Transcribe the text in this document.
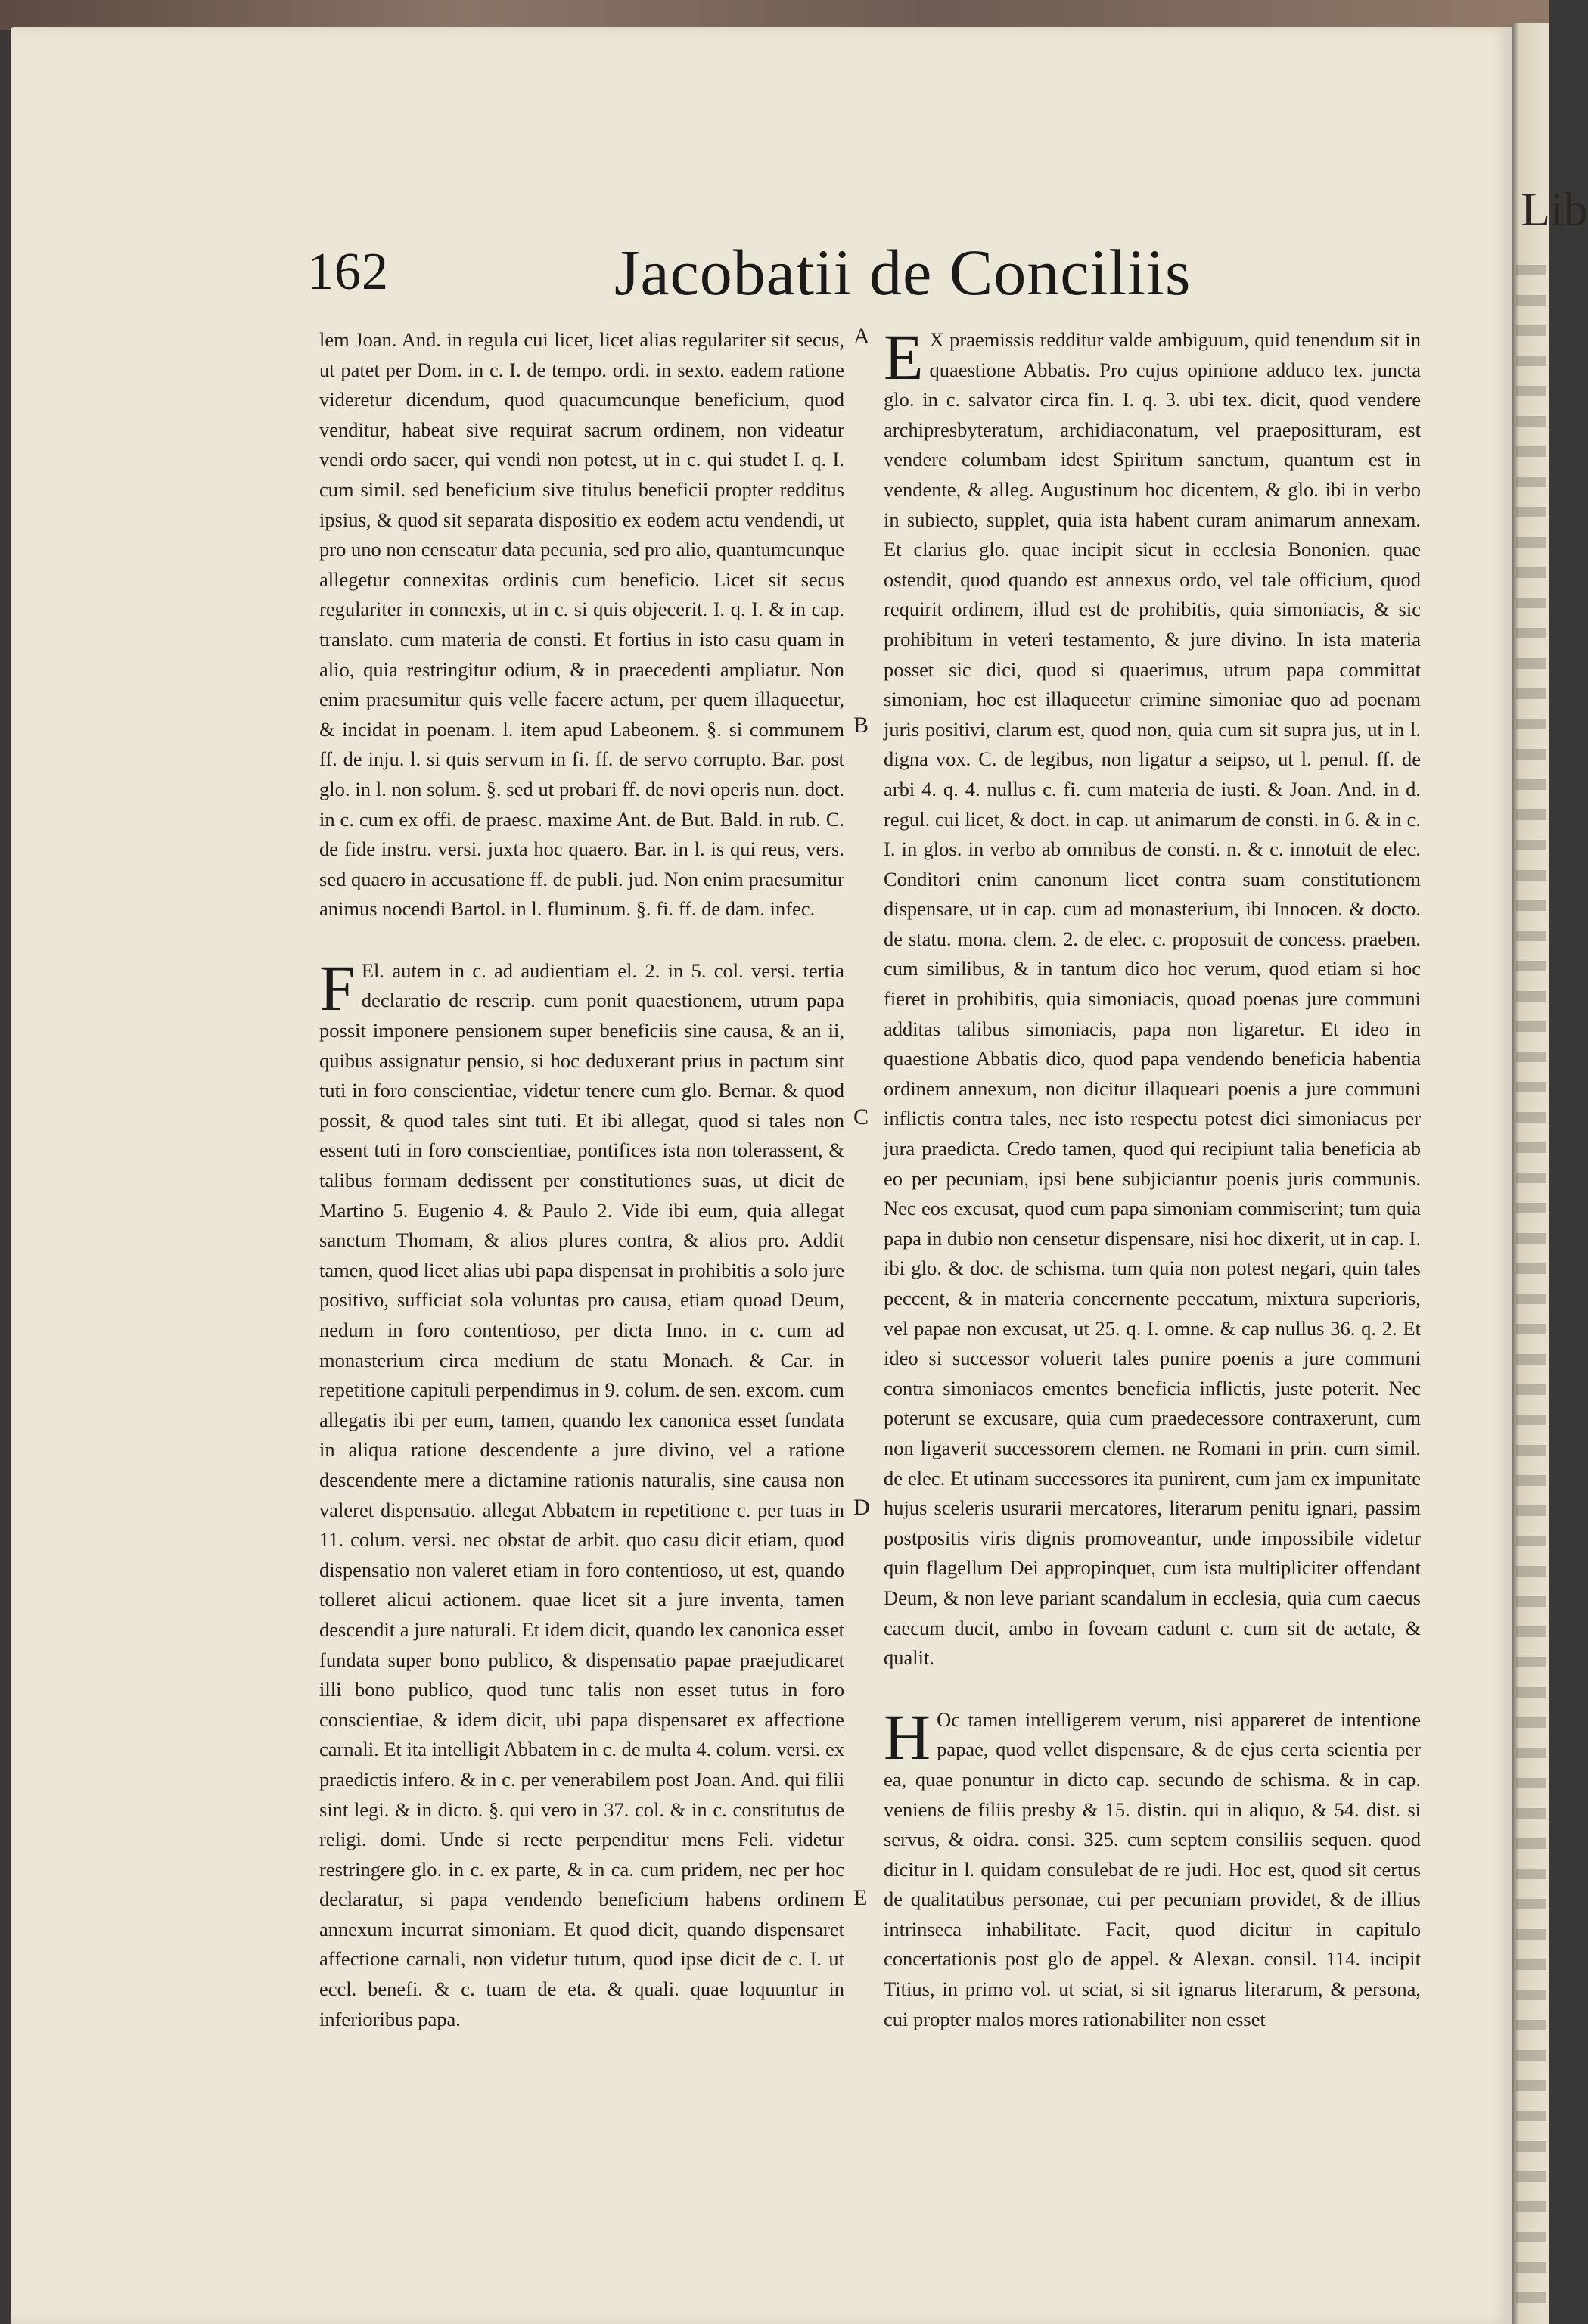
Lib
162	Jacobatii de Conciliis

lem Joan. And. in regula cui licet, licet alias regulariter sit secus, ut patet per Dom. in c. I. de tempo. ordi. in sexto. eadem ratione videretur dicendum, quod quacumcunque beneficium, quod venditur, habeat sive requirat sacrum ordinem, non videatur vendi ordo sacer, qui vendi non potest, ut in c. qui studet I. q. I. cum simil. sed beneficium sive titulus beneficii propter redditus ipsius, & quod sit separata dispositio ex eodem actu vendendi, ut pro uno non censeatur data pecunia, sed pro alio, quantumcunque allegetur connexitas ordinis cum beneficio. Licet sit secus regulariter in connexis, ut in c. si quis objecerit. I. q. I. & in cap. translato. cum materia de consti. Et fortius in isto casu quam in alio, quia restringitur odium, & in praecedenti ampliatur. Non enim praesumitur quis velle facere actum, per quem illaqueetur, & incidat in poenam. l. item apud Labeonem. §. si communem ff. de inju. l. si quis servum in fi. ff. de servo corrupto. Bar. post glo. in l. non solum. §. sed ut probari ff. de novi operis nun. doct. in c. cum ex offi. de praesc. maxime Ant. de But. Bald. in rub. C. de fide instru. versi. juxta hoc quaero. Bar. in l. is qui reus, vers. sed quaero in accusatione ff. de publi. jud. Non enim praesumitur animus nocendi Bartol. in l. fluminum. §. fi. ff. de dam. infec.

F El. autem in c. ad audientiam el. 2. in 5. col. versi. tertia declaratio de rescrip. cum ponit quaestionem, utrum papa possit imponere pensionem super beneficiis sine causa, & an ii, quibus assignatur pensio, si hoc deduxerant prius in pactum sint tuti in foro conscientiae, videtur tenere cum glo. Bernar. & quod possit, & quod tales sint tuti. Et ibi allegat, quod si tales non essent tuti in foro conscientiae, pontifices ista non tolerassent, & talibus formam dedissent per constitutiones suas, ut dicit de Martino 5. Eugenio 4. & Paulo 2. Vide ibi eum, quia allegat sanctum Thomam, & alios plures contra, & alios pro. Addit tamen, quod licet alias ubi papa dispensat in prohibitis a solo jure positivo, sufficiat sola voluntas pro causa, etiam quoad Deum, nedum in foro contentioso, per dicta Inno. in c. cum ad monasterium circa medium de statu Monach. & Car. in repetitione capituli perpendimus in 9. colum. de sen. excom. cum allegatis ibi per eum, tamen, quando lex canonica esset fundata in aliqua ratione descendente a jure divino, vel a ratione descendente mere a dictamine rationis naturalis, sine causa non valeret dispensatio. allegat Abbatem in repetitione c. per tuas in 11. colum. versi. nec obstat de arbit. quo casu dicit etiam, quod dispensatio non valeret etiam in foro contentioso, ut est, quando tolleret alicui actionem. quae licet sit a jure inventa, tamen descendit a jure naturali. Et idem dicit, quando lex canonica esset fundata super bono publico, & dispensatio papae praejudicaret illi bono publico, quod tunc talis non esset tutus in foro conscientiae, & idem dicit, ubi papa dispensaret ex affectione carnali. Et ita intelligit Abbatem in c. de multa 4. colum. versi. ex praedictis infero. & in c. per venerabilem post Joan. And. qui filii sint legi. & in dicto. §. qui vero in 37. col. & in c. constitutus de religi. domi. Unde si recte perpenditur mens Feli. videtur restringere glo. in c. ex parte, & in ca. cum pridem, nec per hoc declaratur, si papa vendendo beneficium habens ordinem annexum incurrat simoniam. Et quod dicit, quando dispensaret affectione carnali, non videtur tutum, quod ipse dicit de c. I. ut eccl. benefi. & c. tuam de eta. & quali. quae loquuntur in inferioribus papa.

E X praemissis redditur valde ambiguum, quid tenendum sit in quaestione Abbatis. Pro cujus opinione adduco tex. juncta glo. in c. salvator circa fin. I. q. 3. ubi tex. dicit, quod vendere archipresbyteratum, archidiaconatum, vel praepositturam, est vendere columbam idest Spiritum sanctum, quantum est in vendente, & alleg. Augustinum hoc dicentem, & glo. ibi in verbo in subiecto, supplet, quia ista habent curam animarum annexam. Et clarius glo. quae incipit sicut in ecclesia Bononien. quae ostendit, quod quando est annexus ordo, vel tale officium, quod requirit ordinem, illud est de prohibitis, quia simoniacis, & sic prohibitum in veteri testamento, & jure divino. In ista materia posset sic dici, quod si quaerimus, utrum papa committat simoniam, hoc est illaqueetur crimine simoniae quo ad poenam juris positivi, clarum est, quod non, quia cum sit supra jus, ut in l. digna vox. C. de legibus, non ligatur a seipso, ut l. penul. ff. de arbi 4. q. 4. nullus c. fi. cum materia de iusti. & Joan. And. in d. regul. cui licet, & doct. in cap. ut animarum de consti. in 6. & in c. I. in glos. in verbo ab omnibus de consti. n. & c. innotuit de elec. Conditori enim canonum licet contra suam constitutionem dispensare, ut in cap. cum ad monasterium, ibi Innocen. & docto. de statu. mona. clem. 2. de elec. c. proposuit de concess. praeben. cum similibus, & in tantum dico hoc verum, quod etiam si hoc fieret in prohibitis, quia simoniacis, quoad poenas jure communi additas talibus simoniacis, papa non ligaretur. Et ideo in quaestione Abbatis dico, quod papa vendendo beneficia habentia ordinem annexum, non dicitur illaqueari poenis a jure communi inflictis contra tales, nec isto respectu potest dici simoniacus per jura praedicta. Credo tamen, quod qui recipiunt talia beneficia ab eo per pecuniam, ipsi bene subjiciantur poenis juris communis. Nec eos excusat, quod cum papa simoniam commiserint; tum quia papa in dubio non censetur dispensare, nisi hoc dixerit, ut in cap. I. ibi glo. & doc. de schisma. tum quia non potest negari, quin tales peccent, & in materia concernente peccatum, mixtura superioris, vel papae non excusat, ut 25. q. I. omne. & cap nullus 36. q. 2. Et ideo si successor voluerit tales punire poenis a jure communi contra simoniacos ementes beneficia inflictis, juste poterit. Nec poterunt se excusare, quia cum praedecessore contraxerunt, cum non ligaverit successorem clemen. ne Romani in prin. cum simil. de elec. Et utinam successores ita punirent, cum jam ex impunitate hujus sceleris usurarii mercatores, literarum penitu ignari, passim postpositis viris dignis promoveantur, unde impossibile videtur quin flagellum Dei appropinquet, cum ista multipliciter offendant Deum, & non leve pariant scandalum in ecclesia, quia cum caecus caecum ducit, ambo in foveam cadunt c. cum sit de aetate, & qualit.

H Oc tamen intelligerem verum, nisi appareret de intentione papae, quod vellet dispensare, & de ejus certa scientia per ea, quae ponuntur in dicto cap. secundo de schisma. & in cap. veniens de filiis presby & 15. distin. qui in aliquo, & 54. dist. si servus, & oidra. consi. 325. cum septem consiliis sequen. quod dicitur in l. quidam consulebat de re judi. Hoc est, quod sit certus de qualitatibus personae, cui per pecuniam providet, & de illius intrinseca inhabilitate. Facit, quod dicitur in capitulo concertationis post glo de appel. & Alexan. consil. 114. incipit Titius, in primo vol. ut sciat, si sit ignarus literarum, & persona, cui propter malos mores rationabiliter non esset

A
B
C
D
E
